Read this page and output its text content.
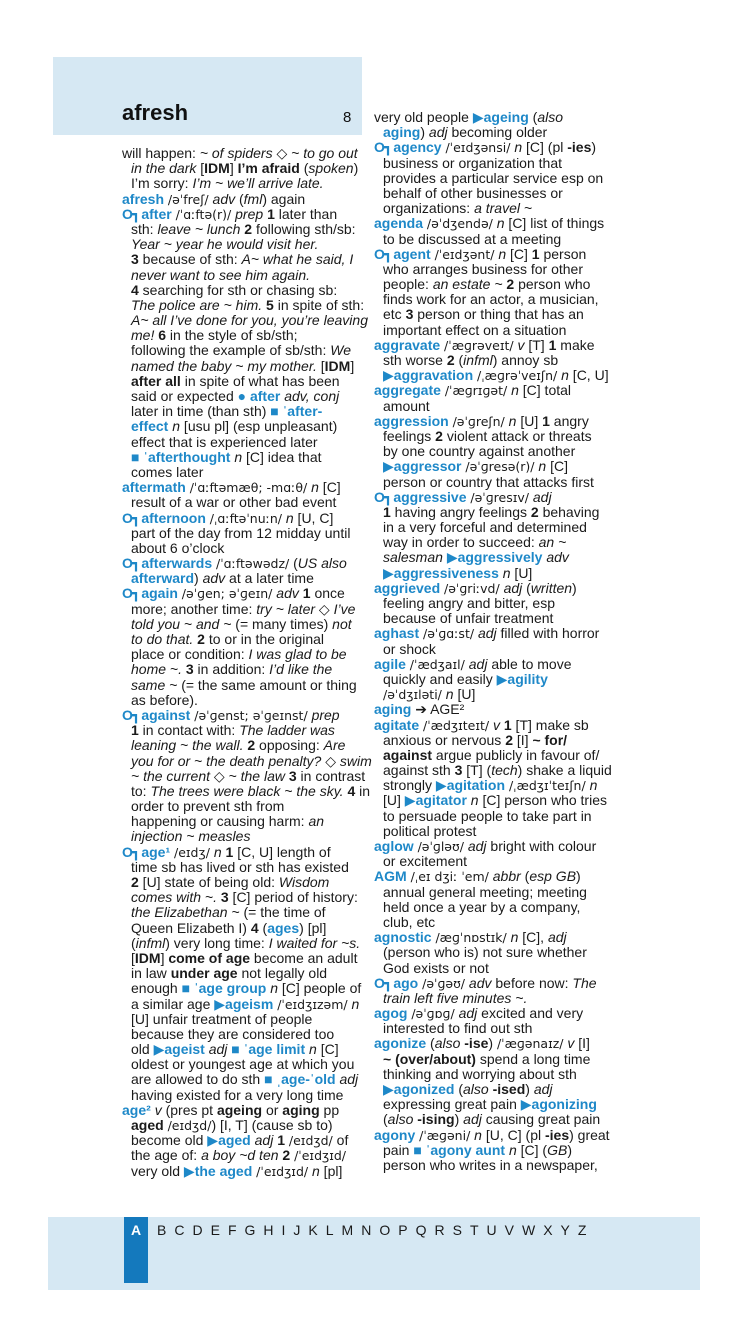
afresh	8
will happen: ~ of spiders ◇ ~ to go out
in the dark [IDM] I’m afraid (spoken)
I’m sorry: I’m ~ we’ll arrive late.
afresh /əˈfreʃ/ adv (fml) again
O┓ after /ˈɑːftə(r)/ prep 1 later than
sth: leave ~ lunch 2 following sth/sb:
Year ~ year he would visit her.
3 because of sth: A~ what he said, I
never want to see him again.
4 searching for sth or chasing sb:
The police are ~ him. 5 in spite of sth:
A~ all I’ve done for you, you’re leaving
me! 6 in the style of sb/sth;
following the example of sb/sth: We
named the baby ~ my mother. [IDM]
after all in spite of what has been
said or expected ● after adv, conj
later in time (than sth) ■ ˈafter-
effect n [usu pl] (esp unpleasant)
effect that is experienced later
■ ˈafterthought n [C] idea that
comes later
aftermath /ˈɑːftəmæθ; -mɑːθ/ n [C]
result of a war or other bad event
O┓ afternoon /ˌɑːftəˈnuːn/ n [U, C]
part of the day from 12 midday until
about 6 o’clock
O┓ afterwards /ˈɑːftəwədz/ (US also
afterward) adv at a later time
O┓ again /əˈɡen; əˈɡeɪn/ adv 1 once
more; another time: try ~ later ◇ I’ve
told you ~ and ~ (= many times) not
to do that. 2 to or in the original
place or condition: I was glad to be
home ~. 3 in addition: I’d like the
same ~ (= the same amount or thing
as before).
O┓ against /əˈɡenst; əˈɡeɪnst/ prep
1 in contact with: The ladder was
leaning ~ the wall. 2 opposing: Are
you for or ~ the death penalty? ◇ swim
~ the current ◇ ~ the law 3 in contrast
to: The trees were black ~ the sky. 4 in
order to prevent sth from
happening or causing harm: an
injection ~ measles
O┓ age¹ /eɪdʒ/ n 1 [C, U] length of
time sb has lived or sth has existed
2 [U] state of being old: Wisdom
comes with ~. 3 [C] period of history:
the Elizabethan ~ (= the time of
Queen Elizabeth I) 4 (ages) [pl]
(infml) very long time: I waited for ~s.
[IDM] come of age become an adult
in law under age not legally old
enough ■ ˈage group n [C] people of
a similar age ▶ageism /ˈeɪdʒɪzəm/ n
[U] unfair treatment of people
because they are considered too
old ▶ageist adj ■ ˈage limit n [C]
oldest or youngest age at which you
are allowed to do sth ■ ˌage-ˈold adj
having existed for a very long time
age² v (pres pt ageing or aging pp
aged /eɪdʒd/) [I, T] (cause sb to)
become old ▶aged adj 1 /eɪdʒd/ of
the age of: a boy ~d ten 2 /ˈeɪdʒɪd/
very old ▶the aged /ˈeɪdʒɪd/ n [pl]
very old people ▶ageing (also
aging) adj becoming older
O┓ agency /ˈeɪdʒənsi/ n [C] (pl -ies)
business or organization that
provides a particular service esp on
behalf of other businesses or
organizations: a travel ~
agenda /əˈdʒendə/ n [C] list of things
to be discussed at a meeting
O┓ agent /ˈeɪdʒənt/ n [C] 1 person
who arranges business for other
people: an estate ~ 2 person who
finds work for an actor, a musician,
etc 3 person or thing that has an
important effect on a situation
aggravate /ˈæɡrəveɪt/ v [T] 1 make
sth worse 2 (infml) annoy sb
▶aggravation /ˌæɡrəˈveɪʃn/ n [C, U]
aggregate /ˈæɡrɪɡət/ n [C] total
amount
aggression /əˈɡreʃn/ n [U] 1 angry
feelings 2 violent attack or threats
by one country against another
▶aggressor /əˈɡresə(r)/ n [C]
person or country that attacks first
O┓ aggressive /əˈɡresɪv/ adj
1 having angry feelings 2 behaving
in a very forceful and determined
way in order to succeed: an ~
salesman ▶aggressively adv
▶aggressiveness n [U]
aggrieved /əˈɡriːvd/ adj (written)
feeling angry and bitter, esp
because of unfair treatment
aghast /əˈɡɑːst/ adj filled with horror
or shock
agile /ˈædʒaɪl/ adj able to move
quickly and easily ▶agility
/əˈdʒɪləti/ n [U]
aging ➔ AGE²
agitate /ˈædʒɪteɪt/ v 1 [T] make sb
anxious or nervous 2 [I] ~ for/
against argue publicly in favour of/
against sth 3 [T] (tech) shake a liquid
strongly ▶agitation /ˌædʒɪˈteɪʃn/ n
[U] ▶agitator n [C] person who tries
to persuade people to take part in
political protest
aglow /əˈɡləʊ/ adj bright with colour
or excitement
AGM /ˌeɪ dʒiː ˈem/ abbr (esp GB)
annual general meeting; meeting
held once a year by a company,
club, etc
agnostic /æɡˈnɒstɪk/ n [C], adj
(person who is) not sure whether
God exists or not
O┓ ago /əˈɡəʊ/ adv before now: The
train left five minutes ~.
agog /əˈɡɒɡ/ adj excited and very
interested to find out sth
agonize (also -ise) /ˈæɡənaɪz/ v [I]
~ (over/about) spend a long time
thinking and worrying about sth
▶agonized (also -ised) adj
expressing great pain ▶agonizing
(also -ising) adj causing great pain
agony /ˈæɡəni/ n [U, C] (pl -ies) great
pain ■ ˈagony aunt n [C] (GB)
person who writes in a newspaper,
A	B C D E F G H I J K L M N O P Q R S T U V W X Y Z
